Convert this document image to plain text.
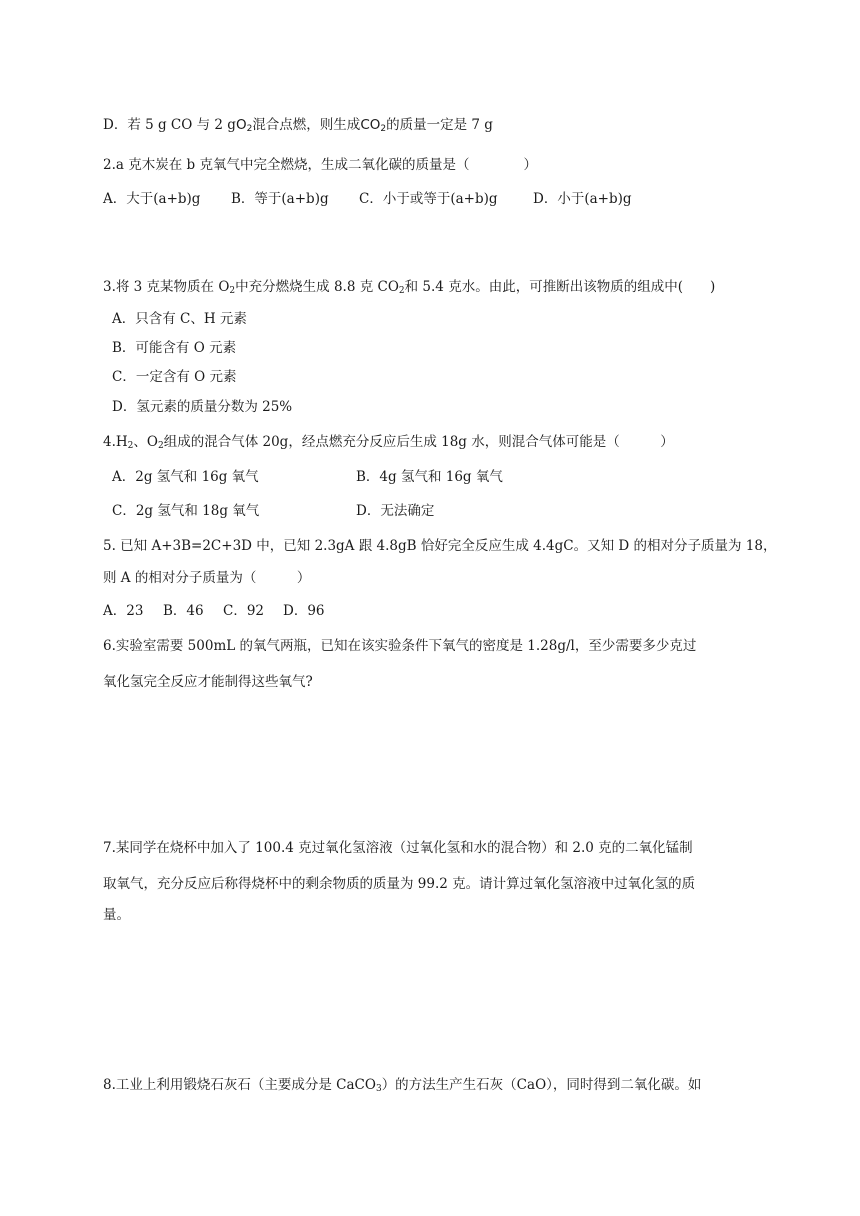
D．若 5 g CO 与 2 $gO_2$混合点燃，则生成$CO_2$的质量一定是 7 g
2.a 克木炭在 b 克氧气中完全燃烧，生成二氧化碳的质量是（　　　　）
A．大于(a+b)g	B．等于(a+b)g	C．小于或等于(a+b)g	D．小于(a+b)g
3.将 3 克某物质在 $O_2$中充分燃烧生成 8.8 克 $CO_2$和 5.4 克水。由此，可推断出该物质的组成中(　　)
A．只含有 C、H 元素
B．可能含有 O 元素
C．一定含有 O 元素
D．氢元素的质量分数为 25%
$4.H_2$、$O_2$组成的混合气体 20g，经点燃充分反应后生成 18g 水，则混合气体可能是（　　　）
A．2g 氢气和 16g 氧气	B．4g 氢气和 16g 氧气
C．2g 氢气和 18g 氧气	D．无法确定
5. 已知 A+3B=2C+3D 中，已知 2.3gA 跟 4.8gB 恰好完全反应生成 4.4gC。又知 D 的相对分子质量为 18，
则 A 的相对分子质量为（　　　）
A．23	B．46	C．92	D．96
6.实验室需要 500mL 的氧气两瓶，已知在该实验条件下氧气的密度是 1.28g/l，至少需要多少克过
氧化氢完全反应才能制得这些氧气?
7.某同学在烧杯中加入了 100.4 克过氧化氢溶液（过氧化氢和水的混合物）和 2.0 克的二氧化锰制
取氧气，充分反应后称得烧杯中的剩余物质的质量为 99.2 克。请计算过氧化氢溶液中过氧化氢的质
量。
8.工业上利用锻烧石灰石（主要成分是 CaCO$_3$）的方法生产生石灰（CaO），同时得到二氧化碳。如
